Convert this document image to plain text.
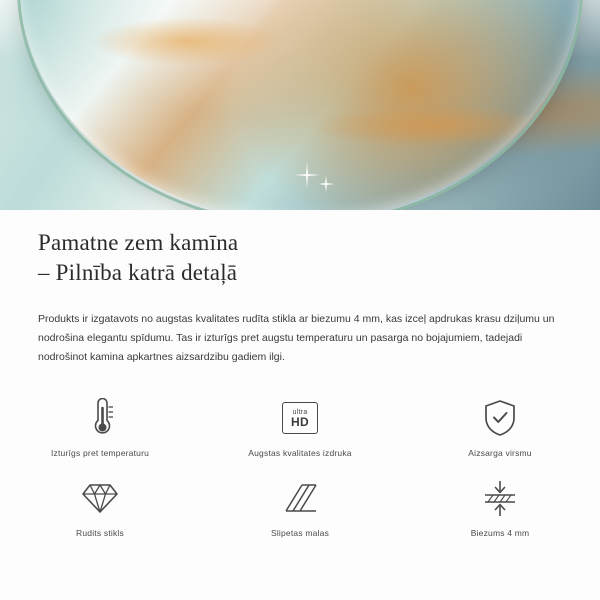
Pamatne zem kamīna
– Pilnība katrā detaļā

Produkts ir izgatavots no augstas kvalitates rudīta stikla ar biezumu 4 mm, kas izceļ apdrukas krasu dziļumu un nodrošina elegantu spīdumu. Tas ir izturīgs pret augstu temperaturu un pasarga no bojajumiem, tadejadi nodrošinot kamina apkartnes aizsardzibu gadiem ilgi.

Izturīgs pret temperaturu
ultra
HD
Augstas kvalitates izdruka	Aizsarga virsmu
Rudits stikls	Slipetas malas	Biezums 4 mm
